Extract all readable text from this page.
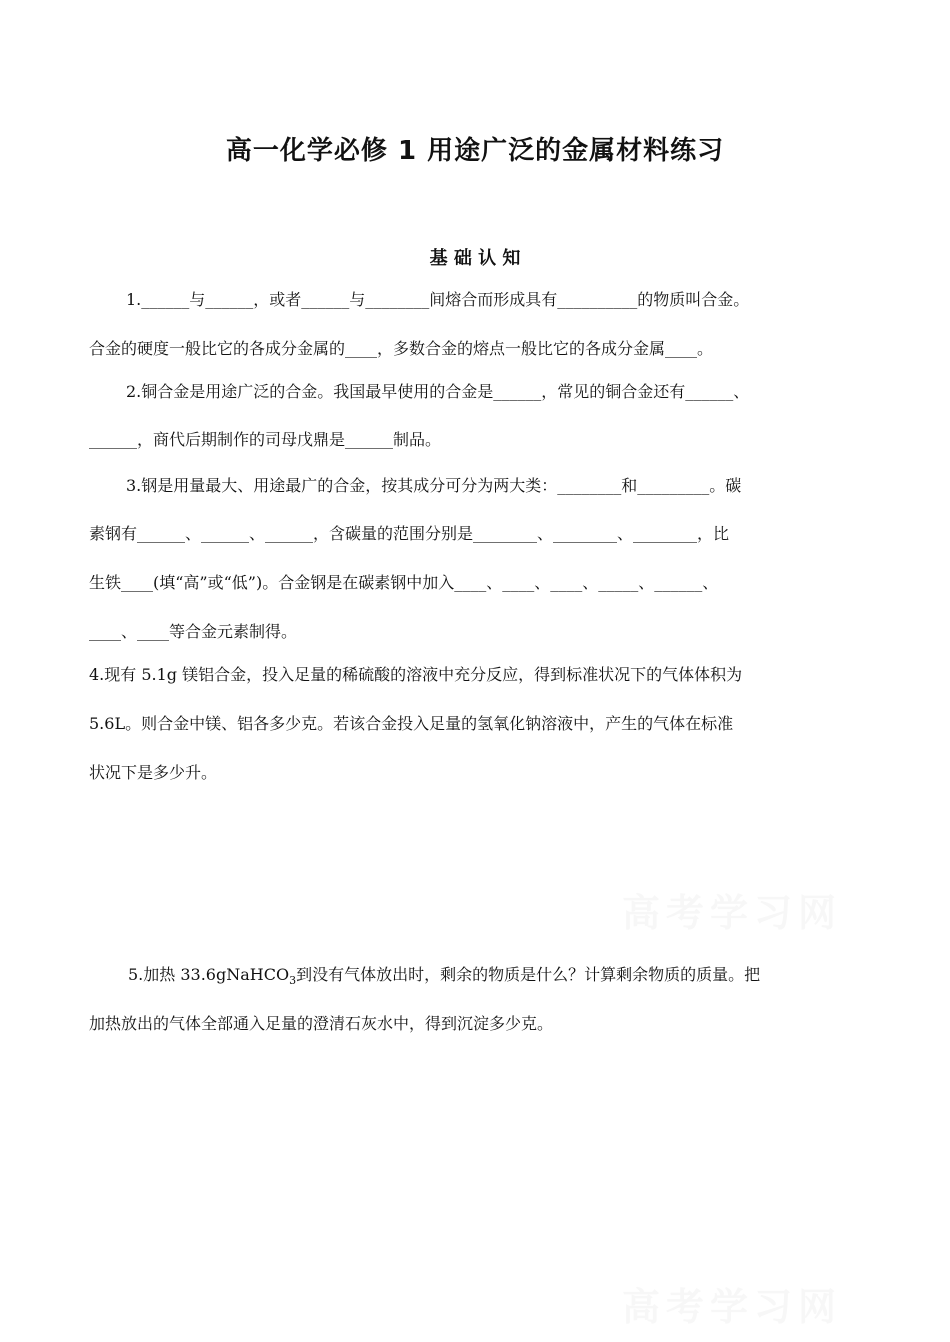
高一化学必修 1 用途广泛的金属材料练习
基 础 认 知
1.______与______，或者______与________间熔合而形成具有__________的物质叫合金。
合金的硬度一般比它的各成分金属的____，多数合金的熔点一般比它的各成分金属____。
2.铜合金是用途广泛的合金。我国最早使用的合金是______，常见的铜合金还有______、
______，商代后期制作的司母戊鼎是______制品。
3.钢是用量最大、用途最广的合金，按其成分可分为两大类：________和_________。碳
素钢有______、______、______，含碳量的范围分别是________、________、________，比
生铁____(填“高”或“低”)。合金钢是在碳素钢中加入____、____、____、_____、______、
____、____等合金元素制得。
4.现有 5.1g 镁铝合金，投入足量的稀硫酸的溶液中充分反应，得到标准状况下的气体体积为
5.6L。则合金中镁、铝各多少克。若该合金投入足量的氢氧化钠溶液中，产生的气体在标准
状况下是多少升。
5.加热 33.6gNaHCO$_3$到没有气体放出时，剩余的物质是什么？计算剩余物质的质量。把
加热放出的气体全部通入足量的澄清石灰水中，得到沉淀多少克。
高考学习网
高考学习网
